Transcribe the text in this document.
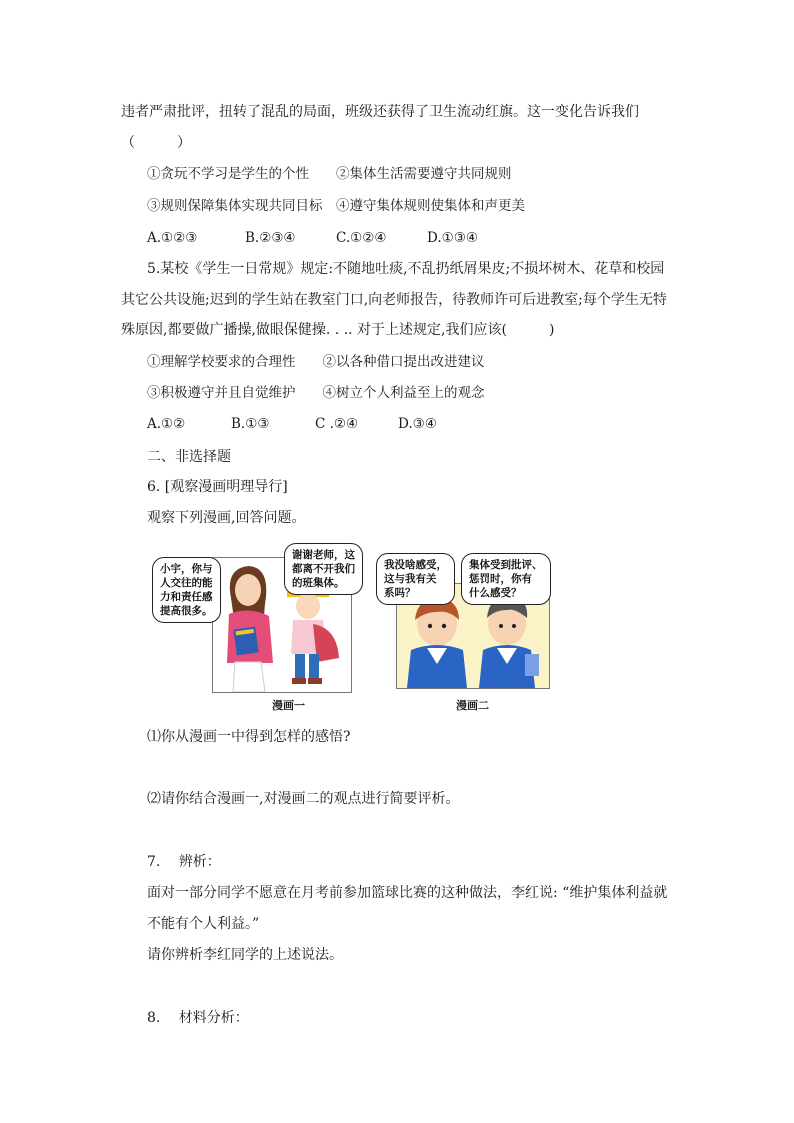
违者严肃批评，扭转了混乱的局面，班级还获得了卫生流动红旗。这一变化告诉我们
（　　　）
①贪玩不学习是学生的个性　　②集体生活需要遵守共同规则
③规则保障集体实现共同目标　④遵守集体规则使集体和声更美
A.①②③	B.②③④	C.①②④	D.①③④
5.某校《学生一日常规》规定:不随地吐痰,不乱扔纸屑果皮;不损坏树木、花草和校园
其它公共设施;迟到的学生站在教室门口,向老师报告，待教师许可后进教室;每个学生无特
殊原因,都要做广播操,做眼保健操. . .. 对于上述规定,我们应该(　　　)
①理解学校要求的合理性　　②以各种借口提出改进建议
③积极遵守并且自觉维护　　④树立个人利益至上的观念
A.①②	B.①③	C .②④	D.③④
二、非选择题
6. [观察漫画明理导行]
观察下列漫画,回答问题。
小宇，你与
人交往的能
力和责任感
提高很多。
谢谢老师，这
都离不开我们
的班集体。
漫画一
我没啥感受，
这与我有关
系吗？
集体受到批评、
惩罚时，你有
什么感受？
漫画二
⑴你从漫画一中得到怎样的感悟?
⑵请你结合漫画一,对漫画二的观点进行简要评析。
7.　 辨析：
面对一部分同学不愿意在月考前参加篮球比赛的这种做法，李红说: “维护集体利益就
不能有个人利益。”
请你辨析李红同学的上述说法。
8.　 材料分析：
